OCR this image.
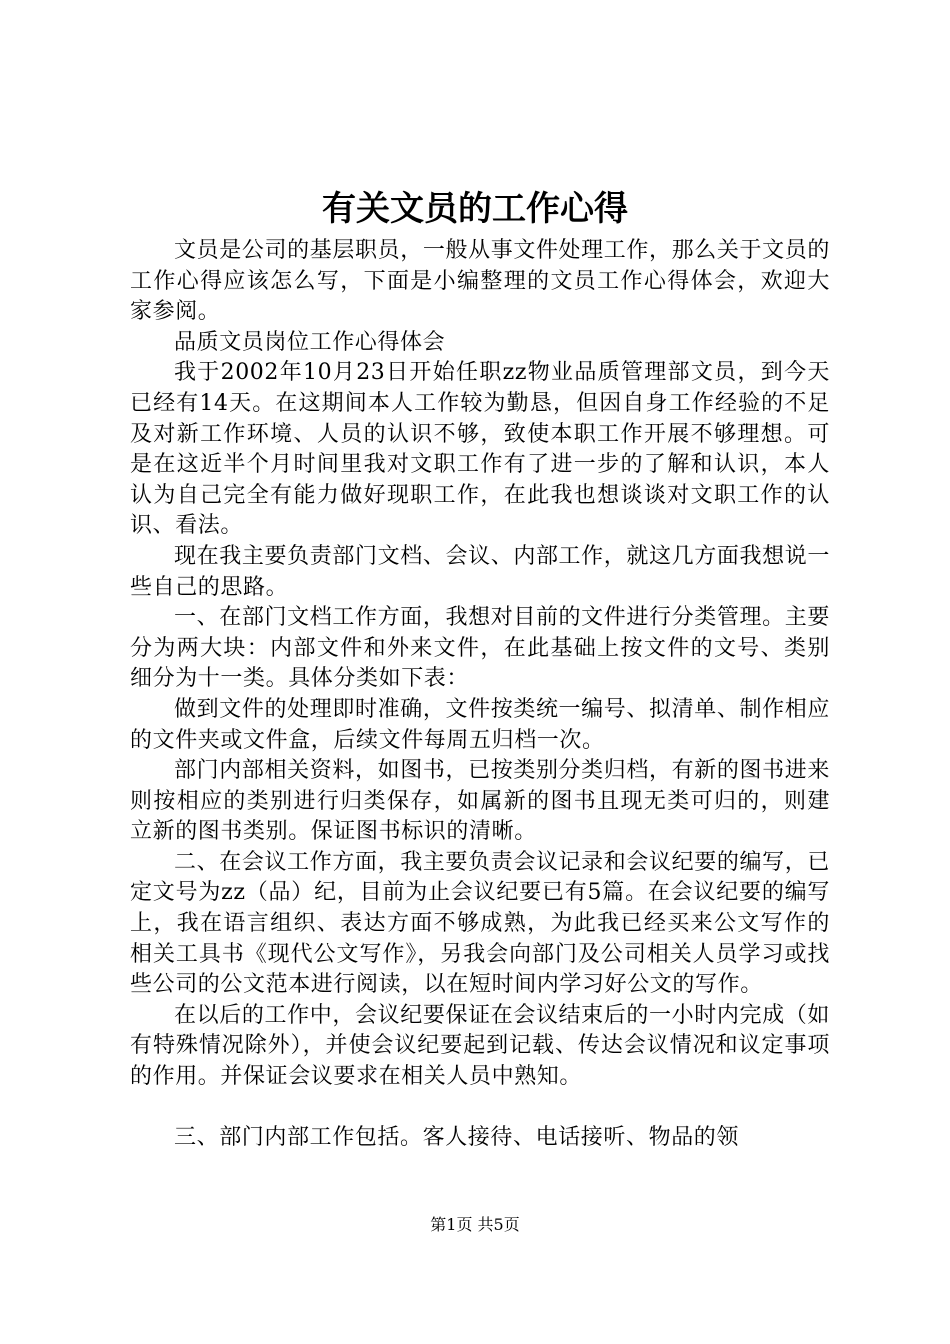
有关文员的工作心得

文员是公司的基层职员，一般从事文件处理工作，那么关于文员的工作心得应该怎么写，下面是小编整理的文员工作心得体会，欢迎大家参阅。

品质文员岗位工作心得体会

我于2002年10月23日开始任职zz物业品质管理部文员，到今天已经有14天。在这期间本人工作较为勤恳，但因自身工作经验的不足及对新工作环境、人员的认识不够，致使本职工作开展不够理想。可是在这近半个月时间里我对文职工作有了进一步的了解和认识，本人认为自己完全有能力做好现职工作，在此我也想谈谈对文职工作的认识、看法。

现在我主要负责部门文档、会议、内部工作，就这几方面我想说一些自己的思路。

一、在部门文档工作方面，我想对目前的文件进行分类管理。主要分为两大块：内部文件和外来文件，在此基础上按文件的文号、类别细分为十一类。具体分类如下表：

做到文件的处理即时准确，文件按类统一编号、拟清单、制作相应的文件夹或文件盒，后续文件每周五归档一次。

部门内部相关资料，如图书，已按类别分类归档，有新的图书进来则按相应的类别进行归类保存，如属新的图书且现无类可归的，则建立新的图书类别。保证图书标识的清晰。

二、在会议工作方面，我主要负责会议记录和会议纪要的编写，已定文号为zz（品）纪，目前为止会议纪要已有5篇。在会议纪要的编写上，我在语言组织、表达方面不够成熟，为此我已经买来公文写作的相关工具书《现代公文写作》，另我会向部门及公司相关人员学习或找些公司的公文范本进行阅读，以在短时间内学习好公文的写作。

在以后的工作中，会议纪要保证在会议结束后的一小时内完成（如有特殊情况除外），并使会议纪要起到记载、传达会议情况和议定事项的作用。并保证会议要求在相关人员中熟知。

三、部门内部工作包括。客人接待、电话接听、物品的领

第1页 共5页
